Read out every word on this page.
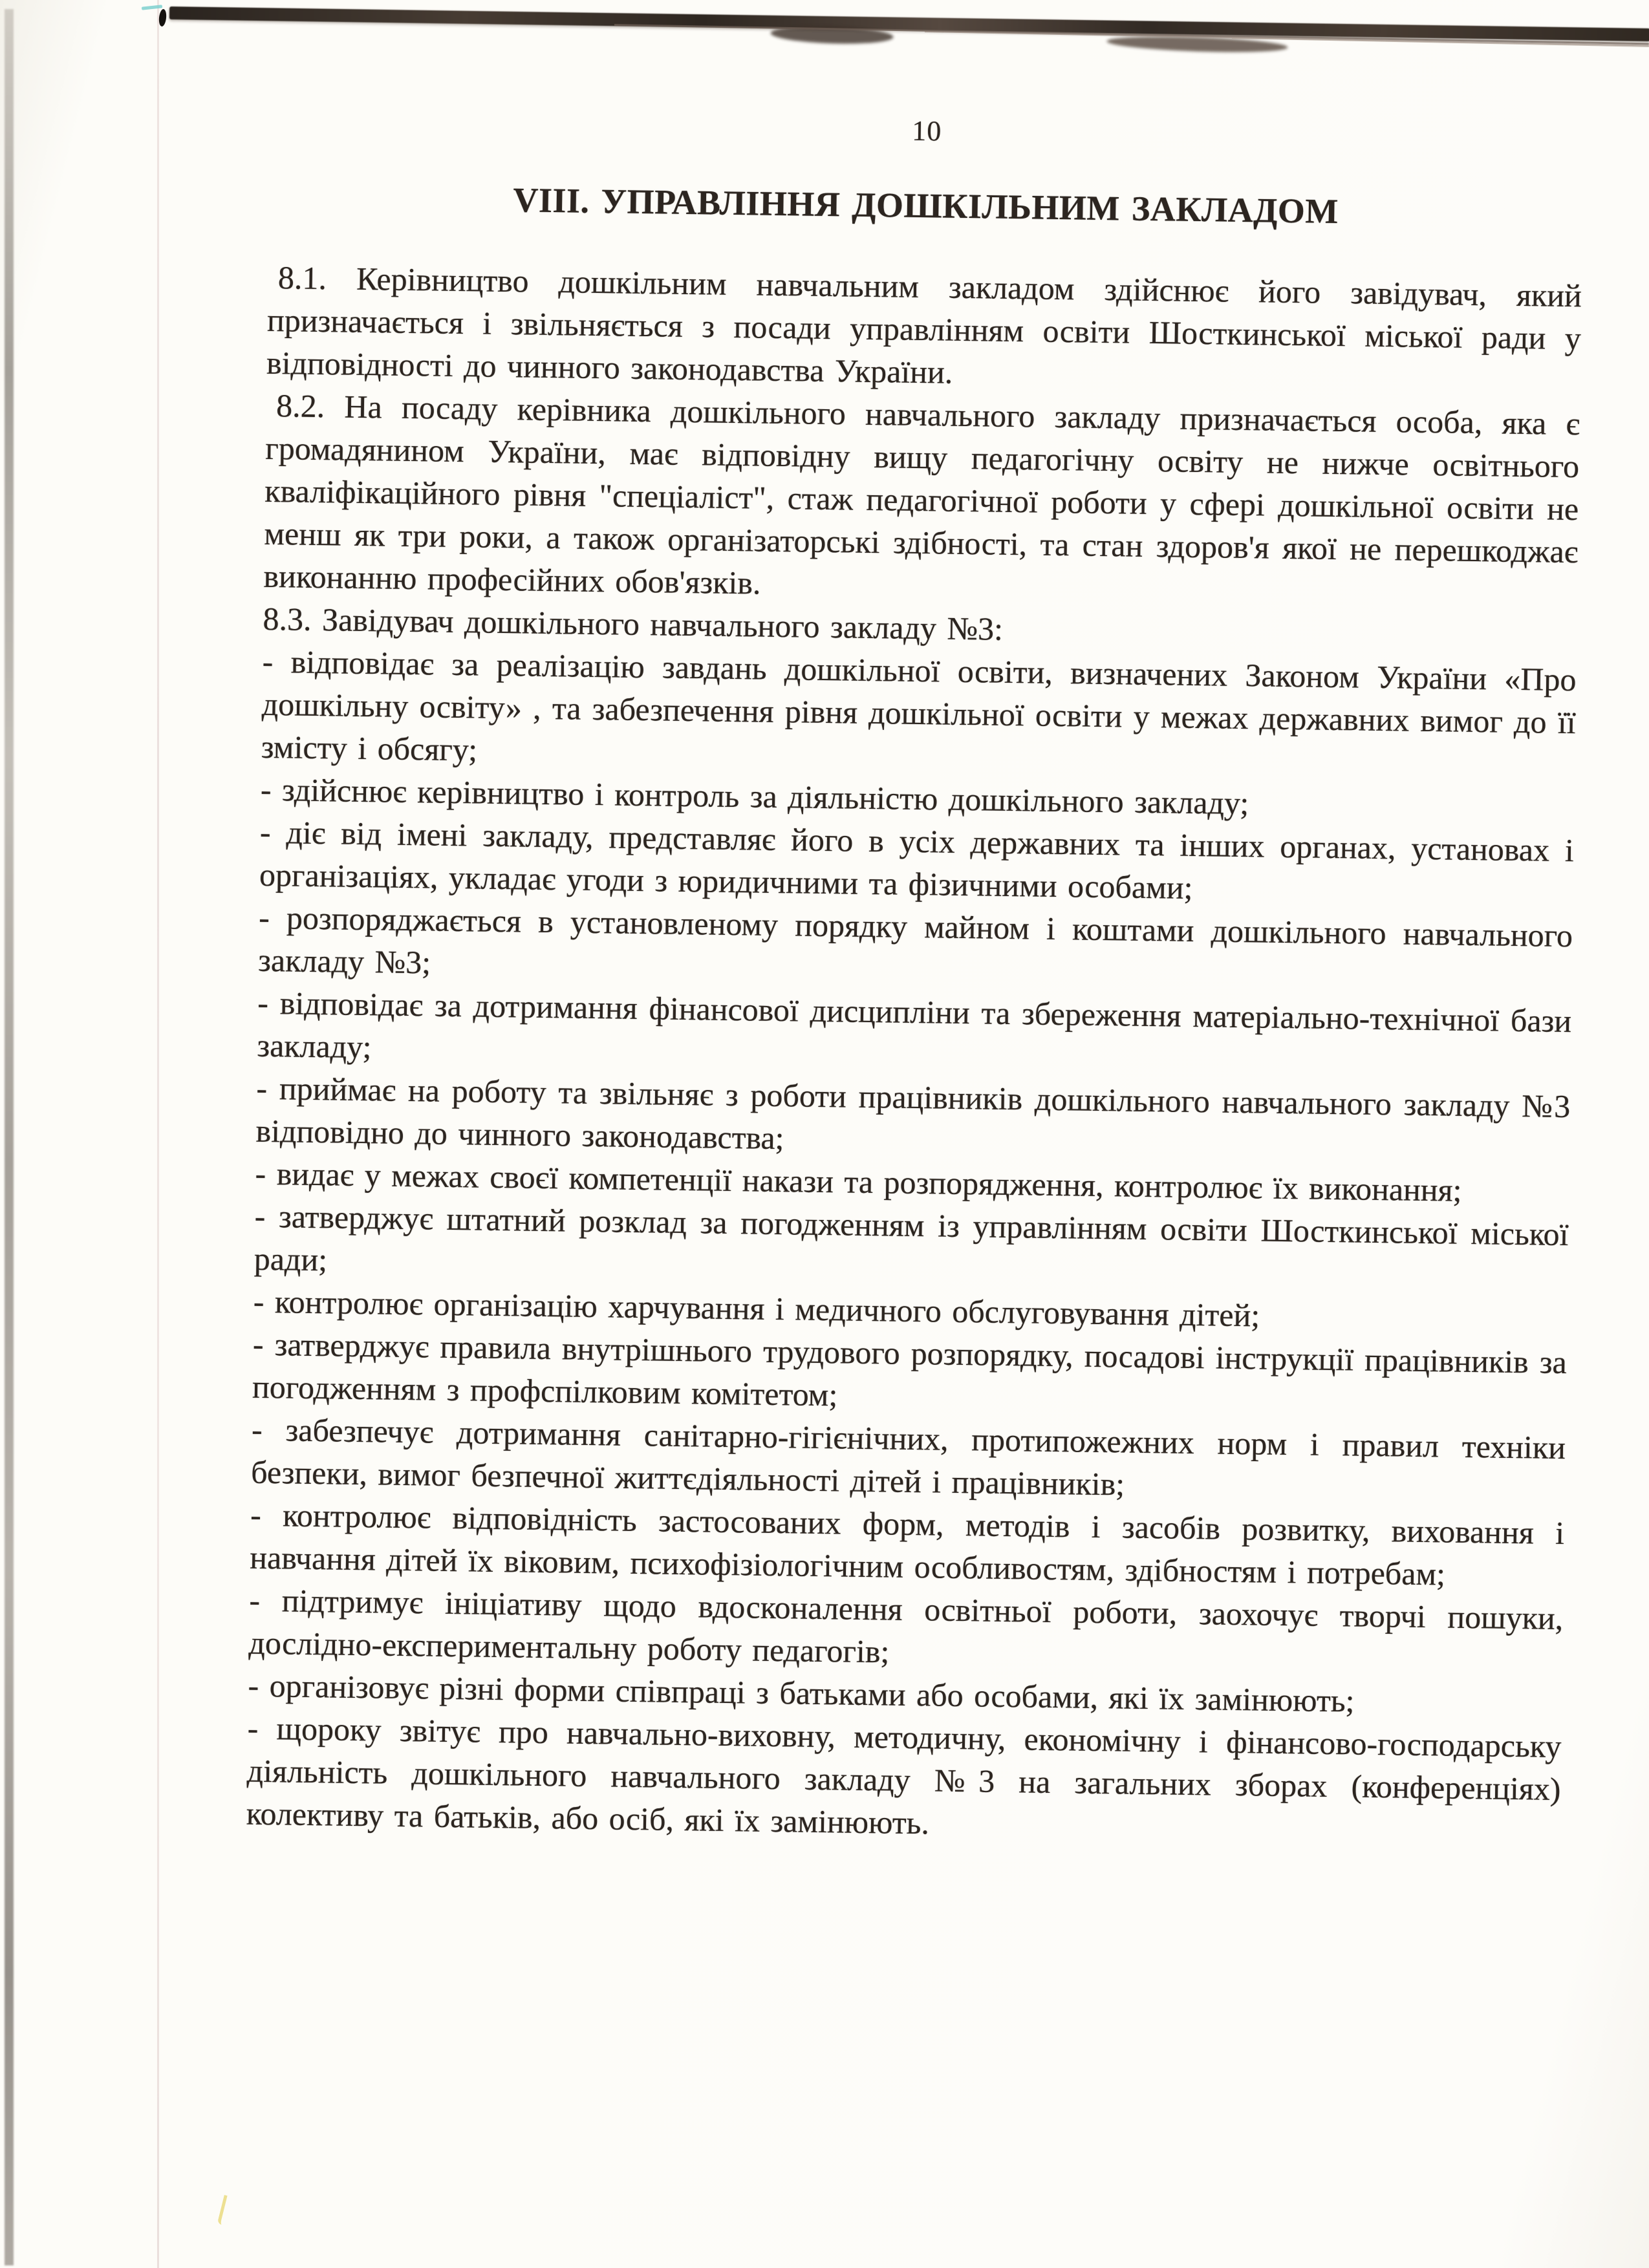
10
VIII. УПРАВЛІННЯ ДОШКІЛЬНИМ ЗАКЛАДОМ

8.1. Керівництво дошкільним навчальним закладом здійснює його завідувач, який призначається і звільняється з посади управлінням освіти Шосткинської міської ради у відповідності до чинного законодавства України.

8.2. На посаду керівника дошкільного навчального закладу призначається особа, яка є громадянином України, має відповідну вищу педагогічну освіту не нижче освітнього кваліфікаційного рівня "спеціаліст", стаж педагогічної роботи у сфері дошкільної освіти не менш як три роки, а також організаторські здібності, та стан здоров'я якої не перешкоджає виконанню професійних обов'язків.

8.3. Завідувач дошкільного навчального закладу №3:

- відповідає за реалізацію завдань дошкільної освіти, визначених Законом України «Про дошкільну освіту» , та забезпечення рівня дошкільної освіти у межах державних вимог до її змісту і обсягу;

- здійснює керівництво і контроль за діяльністю дошкільного закладу;

- діє від імені закладу, представляє його в усіх державних та інших органах, установах і організаціях, укладає угоди з юридичними та фізичними особами;

- розпоряджається в установленому порядку майном і коштами дошкільного навчального закладу №3;

- відповідає за дотримання фінансової дисципліни та збереження матеріально-технічної бази закладу;

- приймає на роботу та звільняє з роботи працівників дошкільного навчального закладу №3 відповідно до чинного законодавства;

- видає у межах своєї компетенції накази та розпорядження, контролює їх виконання;

- затверджує штатний розклад за погодженням із управлінням освіти Шосткинської міської ради;

- контролює організацію харчування і медичного обслуговування дітей;

- затверджує правила внутрішнього трудового розпорядку, посадові інструкції працівників за погодженням з профспілковим комітетом;

- забезпечує дотримання санітарно-гігієнічних, протипожежних норм і правил техніки безпеки, вимог безпечної життєдіяльності дітей і працівників;

- контролює відповідність застосованих форм, методів і засобів розвитку, виховання і навчання дітей їх віковим, психофізіологічним особливостям, здібностям і потребам;

- підтримує ініціативу щодо вдосконалення освітньої роботи, заохочує творчі пошуки, дослідно-експериментальну роботу педагогів;

- організовує різні форми співпраці з батьками або особами, які їх замінюють;

- щороку звітує про навчально-виховну, методичну, економічну і фінансово-господарську діяльність дошкільного навчального закладу №3 на загальних зборах (конференціях) колективу та батьків, або осіб, які їх замінюють.
